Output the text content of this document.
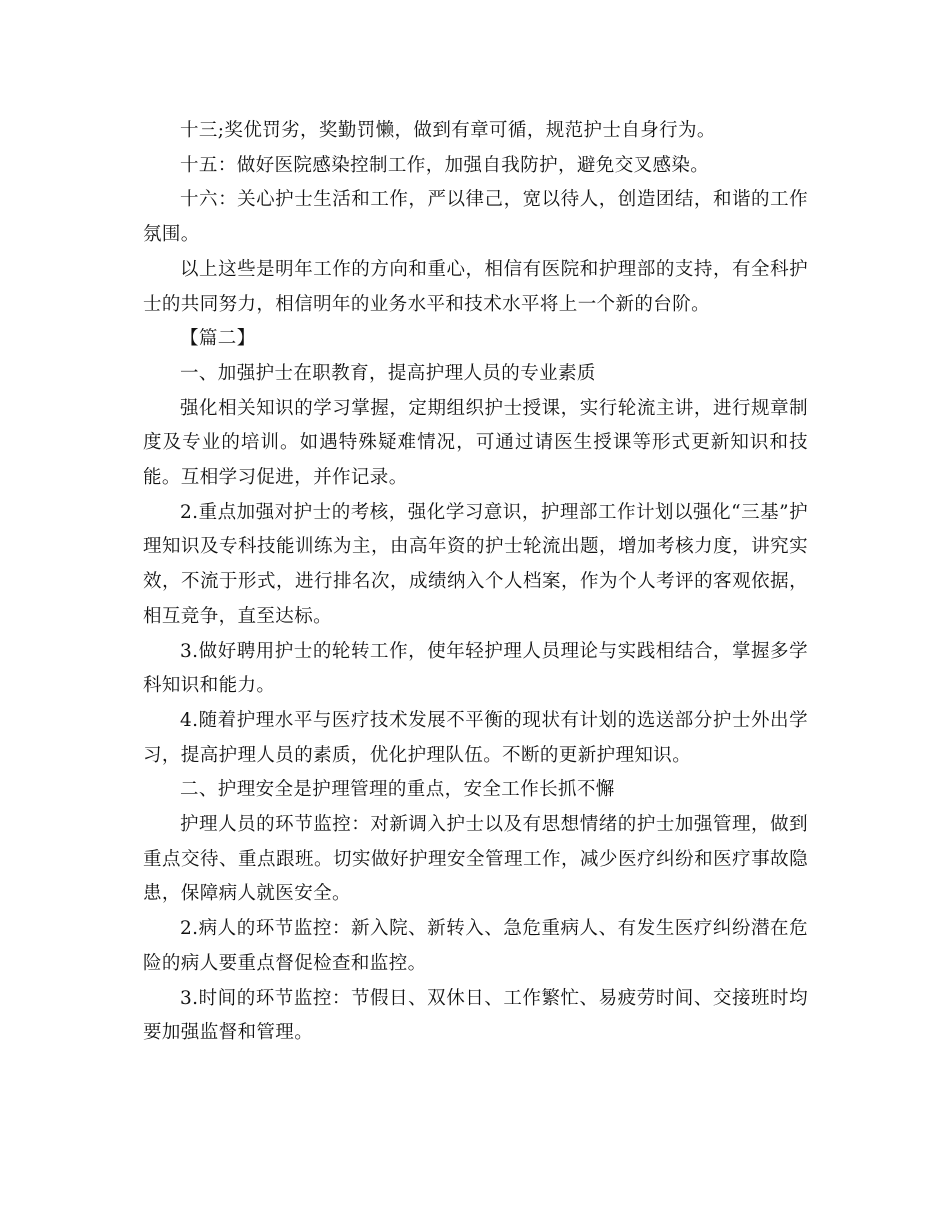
十三;奖优罚劣，奖勤罚懒，做到有章可循，规范护士自身行为。

十五：做好医院感染控制工作，加强自我防护，避免交叉感染。

十六：关心护士生活和工作，严以律己，宽以待人，创造团结，和谐的工作氛围。

以上这些是明年工作的方向和重心，相信有医院和护理部的支持，有全科护士的共同努力，相信明年的业务水平和技术水平将上一个新的台阶。

【篇二】

一、加强护士在职教育，提高护理人员的专业素质

强化相关知识的学习掌握，定期组织护士授课，实行轮流主讲，进行规章制度及专业的培训。如遇特殊疑难情况，可通过请医生授课等形式更新知识和技能。互相学习促进，并作记录。

2.重点加强对护士的考核，强化学习意识，护理部工作计划以强化“三基”护理知识及专科技能训练为主，由高年资的护士轮流出题，增加考核力度，讲究实效，不流于形式，进行排名次，成绩纳入个人档案，作为个人考评的客观依据，相互竞争，直至达标。

3.做好聘用护士的轮转工作，使年轻护理人员理论与实践相结合，掌握多学科知识和能力。

4.随着护理水平与医疗技术发展不平衡的现状有计划的选送部分护士外出学习，提高护理人员的素质，优化护理队伍。不断的更新护理知识。

二、护理安全是护理管理的重点，安全工作长抓不懈

护理人员的环节监控：对新调入护士以及有思想情绪的护士加强管理，做到重点交待、重点跟班。切实做好护理安全管理工作，减少医疗纠纷和医疗事故隐患，保障病人就医安全。

2.病人的环节监控：新入院、新转入、急危重病人、有发生医疗纠纷潜在危险的病人要重点督促检查和监控。

3.时间的环节监控：节假日、双休日、工作繁忙、易疲劳时间、交接班时均要加强监督和管理。
